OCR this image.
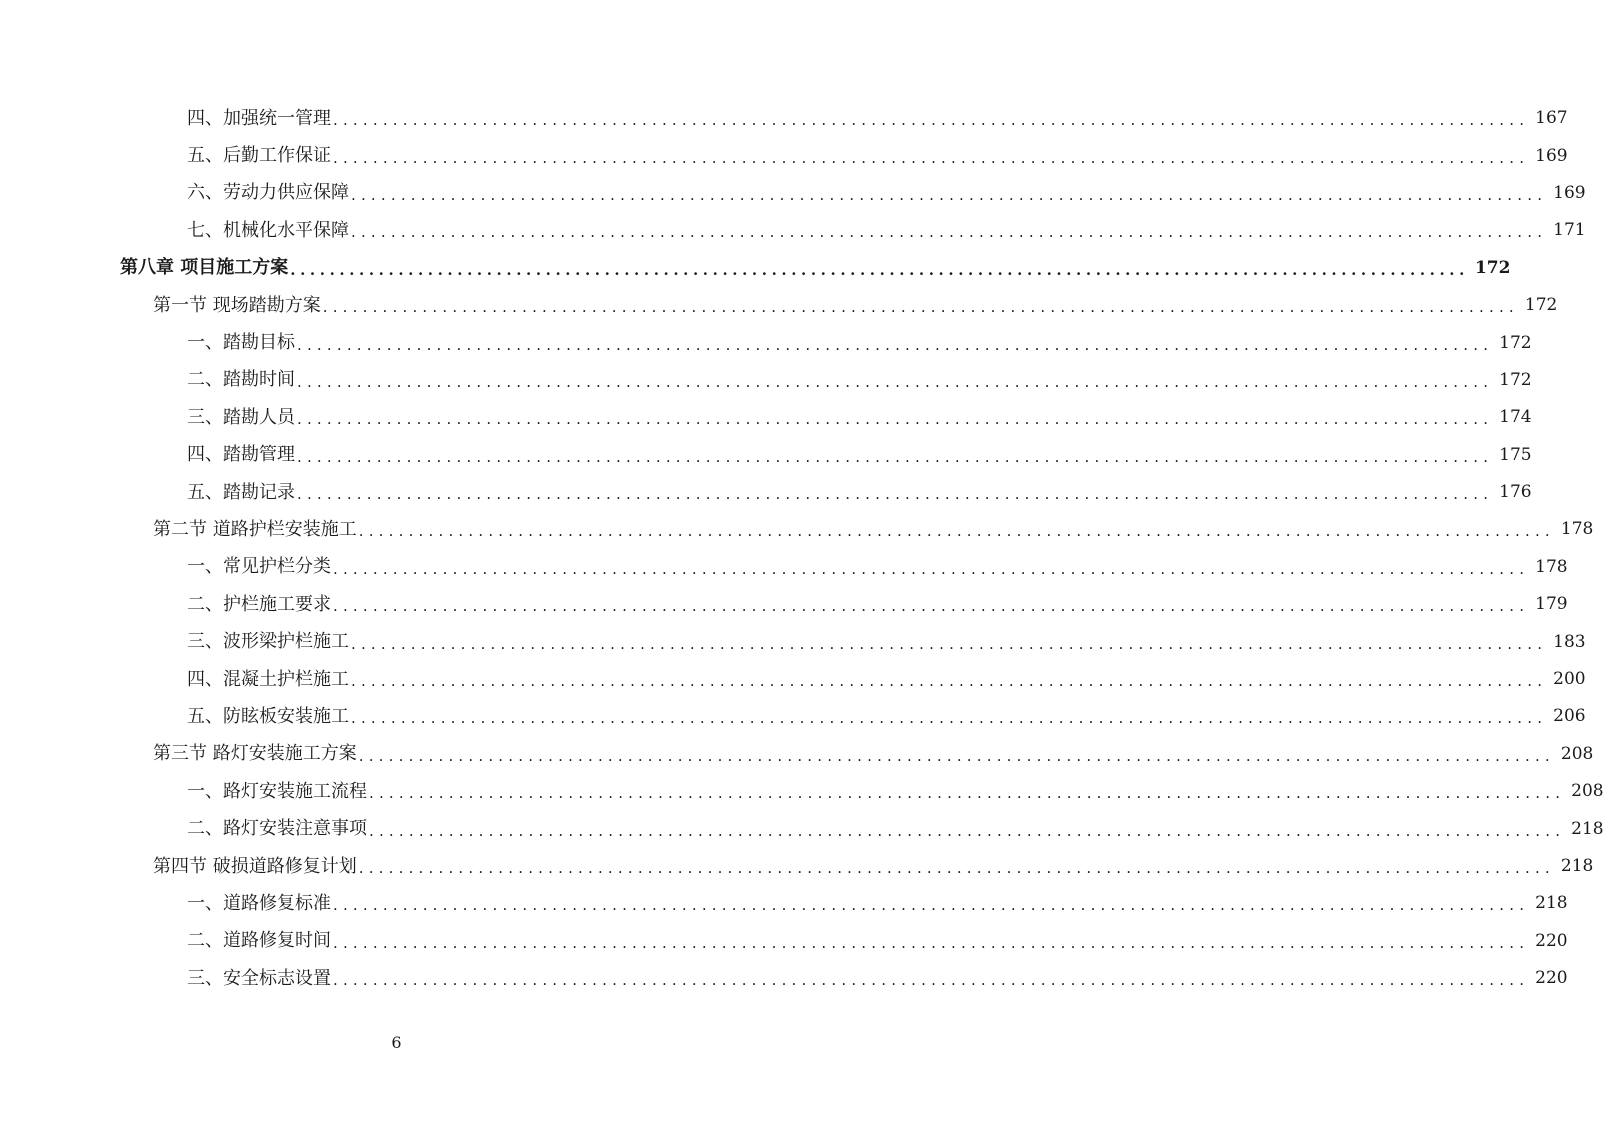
四、加强统一管理 ........................................................................................................................ 167
五、后勤工作保证 ........................................................................................................................ 169
六、劳动力供应保障 ........................................................................................................................ 169
七、机械化水平保障 ........................................................................................................................ 171
第八章 项目施工方案 ........................................................................................................................ 172
第一节 现场踏勘方案 ........................................................................................................................ 172
一、踏勘目标 ........................................................................................................................ 172
二、踏勘时间 ........................................................................................................................ 172
三、踏勘人员 ........................................................................................................................ 174
四、踏勘管理 ........................................................................................................................ 175
五、踏勘记录 ........................................................................................................................ 176
第二节 道路护栏安装施工 ........................................................................................................................ 178
一、常见护栏分类 ........................................................................................................................ 178
二、护栏施工要求 ........................................................................................................................ 179
三、波形梁护栏施工 ........................................................................................................................ 183
四、混凝土护栏施工 ........................................................................................................................ 200
五、防眩板安装施工 ........................................................................................................................ 206
第三节 路灯安装施工方案 ........................................................................................................................ 208
一、路灯安装施工流程 ........................................................................................................................ 208
二、路灯安装注意事项 ........................................................................................................................ 218
第四节 破损道路修复计划 ........................................................................................................................ 218
一、道路修复标准 ........................................................................................................................ 218
二、道路修复时间 ........................................................................................................................ 220
三、安全标志设置 ........................................................................................................................ 220
6
